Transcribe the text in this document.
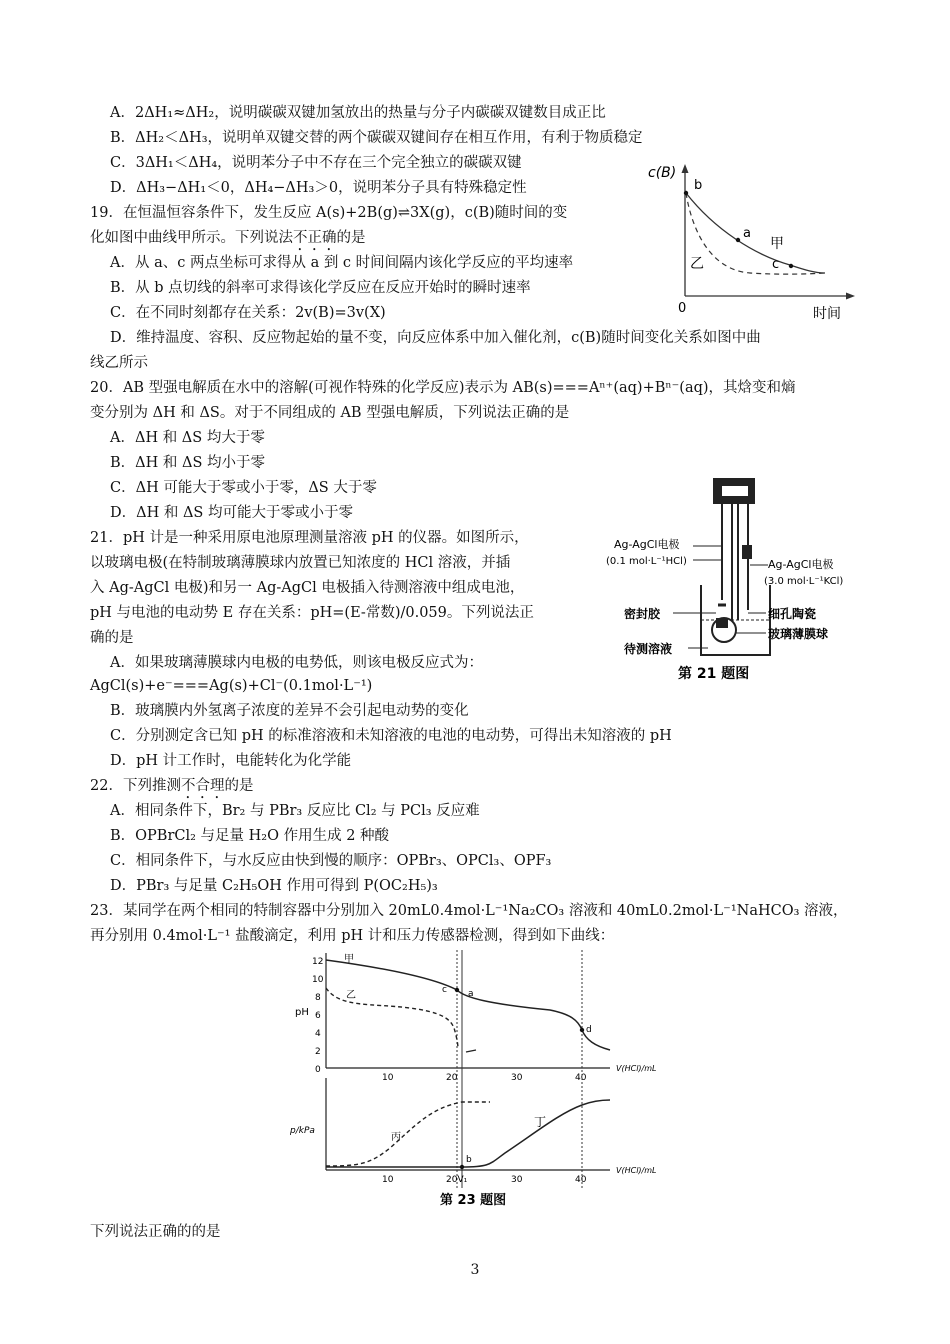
A．2ΔH₁≈ΔH₂，说明碳碳双键加氢放出的热量与分子内碳碳双键数目成正比
B．ΔH₂＜ΔH₃，说明单双键交替的两个碳碳双键间存在相互作用，有利于物质稳定
C．3ΔH₁＜ΔH₄，说明苯分子中不存在三个完全独立的碳碳双键
D．ΔH₃−ΔH₁＜0，ΔH₄−ΔH₃＞0，说明苯分子具有特殊稳定性
19．在恒温恒容条件下，发生反应 A(s)+2B(g)⇌3X(g)，c(B)随时间的变
化如图中曲线甲所示。下列说法不正确的是
A．从 a、c 两点坐标可求得从 a 到 c 时间间隔内该化学反应的平均速率
B．从 b 点切线的斜率可求得该化学反应在反应开始时的瞬时速率
C．在不同时刻都存在关系：2v(B)=3v(X)
D．维持温度、容积、反应物起始的量不变，向反应体系中加入催化剂，c(B)随时间变化关系如图中曲
线乙所示
c(B)
时间
0
b
a
c
甲
乙
20．AB 型强电解质在水中的溶解(可视作特殊的化学反应)表示为 AB(s)===Aⁿ⁺(aq)+Bⁿ⁻(aq)，其焓变和熵
变分别为 ΔH 和 ΔS。对于不同组成的 AB 型强电解质，下列说法正确的是
A．ΔH 和 ΔS 均大于零
B．ΔH 和 ΔS 均小于零
C．ΔH 可能大于零或小于零，ΔS 大于零
D．ΔH 和 ΔS 均可能大于零或小于零
21．pH 计是一种采用原电池原理测量溶液 pH 的仪器。如图所示，
以玻璃电极(在特制玻璃薄膜球内放置已知浓度的 HCl 溶液，并插
入 Ag-AgCl 电极)和另一 Ag-AgCl 电极插入待测溶液中组成电池，
pH 与电池的电动势 E 存在关系：pH=(E-常数)/0.059。下列说法正
确的是
A．如果玻璃薄膜球内电极的电势低，则该电极反应式为：
AgCl(s)+e⁻===Ag(s)+Cl⁻(0.1mol·L⁻¹)
B．玻璃膜内外氢离子浓度的差异不会引起电动势的变化
C．分别测定含已知 pH 的标准溶液和未知溶液的电池的电动势，可得出未知溶液的 pH
D．pH 计工作时，电能转化为化学能
Ag-AgCl电极
(0.1 mol·L⁻¹HCl)
密封胶
待测溶液
Ag-AgCl电极
(3.0 mol·L⁻¹KCl)
细孔陶瓷
玻璃薄膜球
第 21 题图
22．下列推测不合理的是
A．相同条件下，Br₂ 与 PBr₃ 反应比 Cl₂ 与 PCl₃ 反应难
B．OPBrCl₂ 与足量 H₂O 作用生成 2 种酸
C．相同条件下，与水反应由快到慢的顺序：OPBr₃、OPCl₃、OPF₃
D．PBr₃ 与足量 C₂H₅OH 作用可得到 P(OC₂H₅)₃
23．某同学在两个相同的特制容器中分别加入 20mL0.4mol·L⁻¹Na₂CO₃ 溶液和 40mL0.2mol·L⁻¹NaHCO₃ 溶液，
再分别用 0.4mol·L⁻¹ 盐酸滴定，利用 pH 计和压力传感器检测，得到如下曲线：
12
10
8
6
4
2
0
pH
10	20	30	40
V(HCl)/mL
甲
乙	c a
d
p/kPa
丙
丁
b
10	20V₁	30	40
V(HCl)/mL
第 23 题图
下列说法正确的的是
3
